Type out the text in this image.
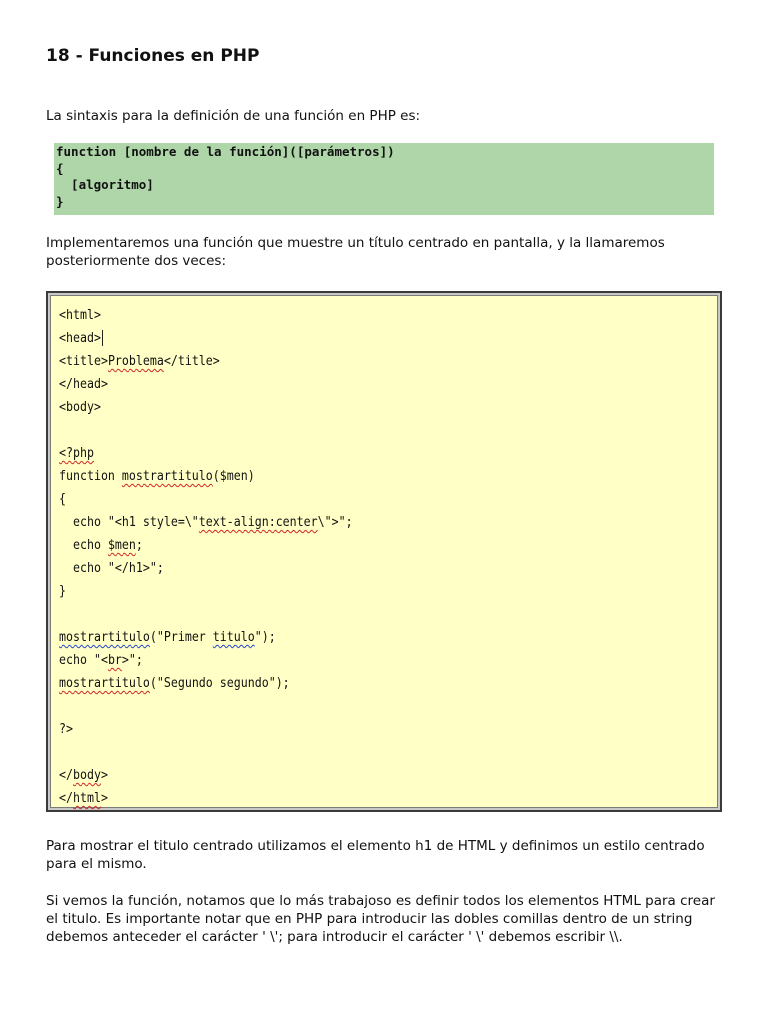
18 - Funciones en PHP

La sintaxis para la definición de una función en PHP es:

function [nombre de la función]([parámetros])
{
[algoritmo]
}

Implementaremos una función que muestre un título centrado en pantalla, y la llamaremos posteriormente dos veces:

<html>
<head>
<title>Problema</title>
</head>
<body>
<?php
function mostrartitulo($men)
{
echo "<h1 style=\"text-align:center\">";
echo $men;
echo "</h1>";
}
mostrartitulo("Primer titulo");
echo "<br>";
mostrartitulo("Segundo segundo");
?>
</body>
</html>

Para mostrar el titulo centrado utilizamos el elemento h1 de HTML y definimos un estilo centrado para el mismo.

Si vemos la función, notamos que lo más trabajoso es definir todos los elementos HTML para crear el titulo. Es importante notar que en PHP para introducir las dobles comillas dentro de un string debemos anteceder el carácter ' \'; para introducir el carácter ' \' debemos escribir \\.
